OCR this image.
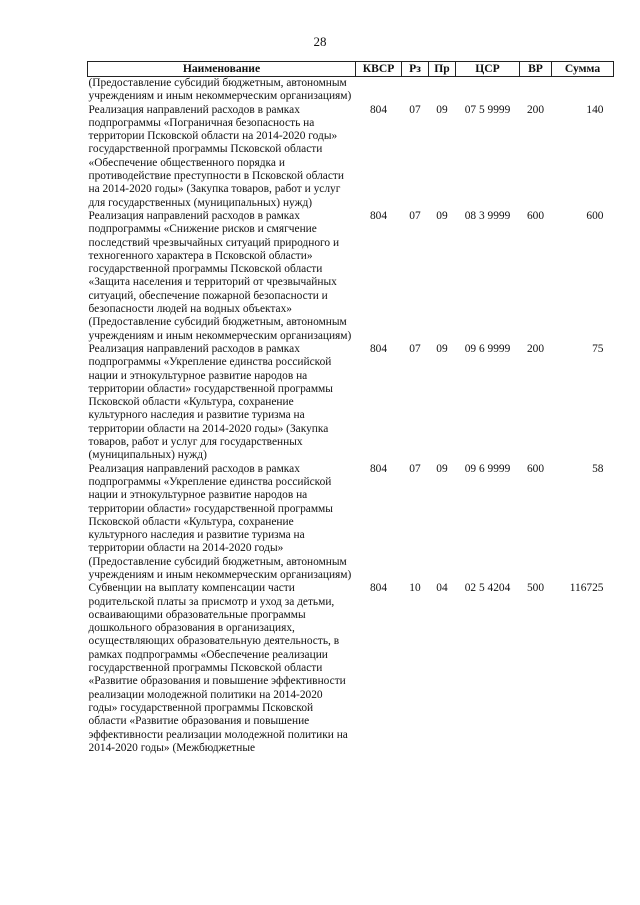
28
Наименование	КВСР	Рз	Пр	ЦСР	ВР	Сумма
(Предоставление субсидий бюджетным, автономным учреждениям и иным некоммерческим организациям)						
Реализация направлений расходов в рамках подпрограммы «Пограничная безопасность на территории Псковской области на 2014-2020 годы» государственной программы Псковской области «Обеспечение общественного порядка и противодействие преступности в Псковской области на 2014-2020 годы» (Закупка товаров, работ и услуг для государственных (муниципальных) нужд)	804	07	09	07 5 9999	200	140
Реализация направлений расходов в рамках подпрограммы «Снижение рисков и смягчение последствий чрезвычайных ситуаций природного и техногенного характера в Псковской области» государственной программы Псковской области «Защита населения и территорий от чрезвычайных ситуаций, обеспечение пожарной безопасности и безопасности людей на водных объектах» (Предоставление субсидий бюджетным, автономным учреждениям и иным некоммерческим организациям)	804	07	09	08 3 9999	600	600
Реализация направлений расходов в рамках подпрограммы «Укрепление единства российской нации и этнокультурное развитие народов на территории области» государственной программы Псковской области «Культура, сохранение культурного наследия и развитие туризма на территории области на 2014-2020 годы» (Закупка товаров, работ и услуг для государственных (муниципальных) нужд)	804	07	09	09 6 9999	200	75
Реализация направлений расходов в рамках подпрограммы «Укрепление единства российской нации и этнокультурное развитие народов на территории области» государственной программы Псковской области «Культура, сохранение культурного наследия и развитие туризма на территории области на 2014-2020 годы» (Предоставление субсидий бюджетным, автономным учреждениям и иным некоммерческим организациям)	804	07	09	09 6 9999	600	58
Субвенции на выплату компенсации части родительской платы за присмотр и уход за детьми, осваивающими образовательные программы дошкольного образования в организациях, осуществляющих образовательную деятельность, в рамках подпрограммы «Обеспечение реализации государственной программы Псковской области «Развитие образования и повышение эффективности реализации молодежной политики на 2014-2020 годы» государственной программы Псковской области «Развитие образования и повышение эффективности реализации молодежной политики на 2014-2020 годы» (Межбюджетные	804	10	04	02 5 4204	500	116725
